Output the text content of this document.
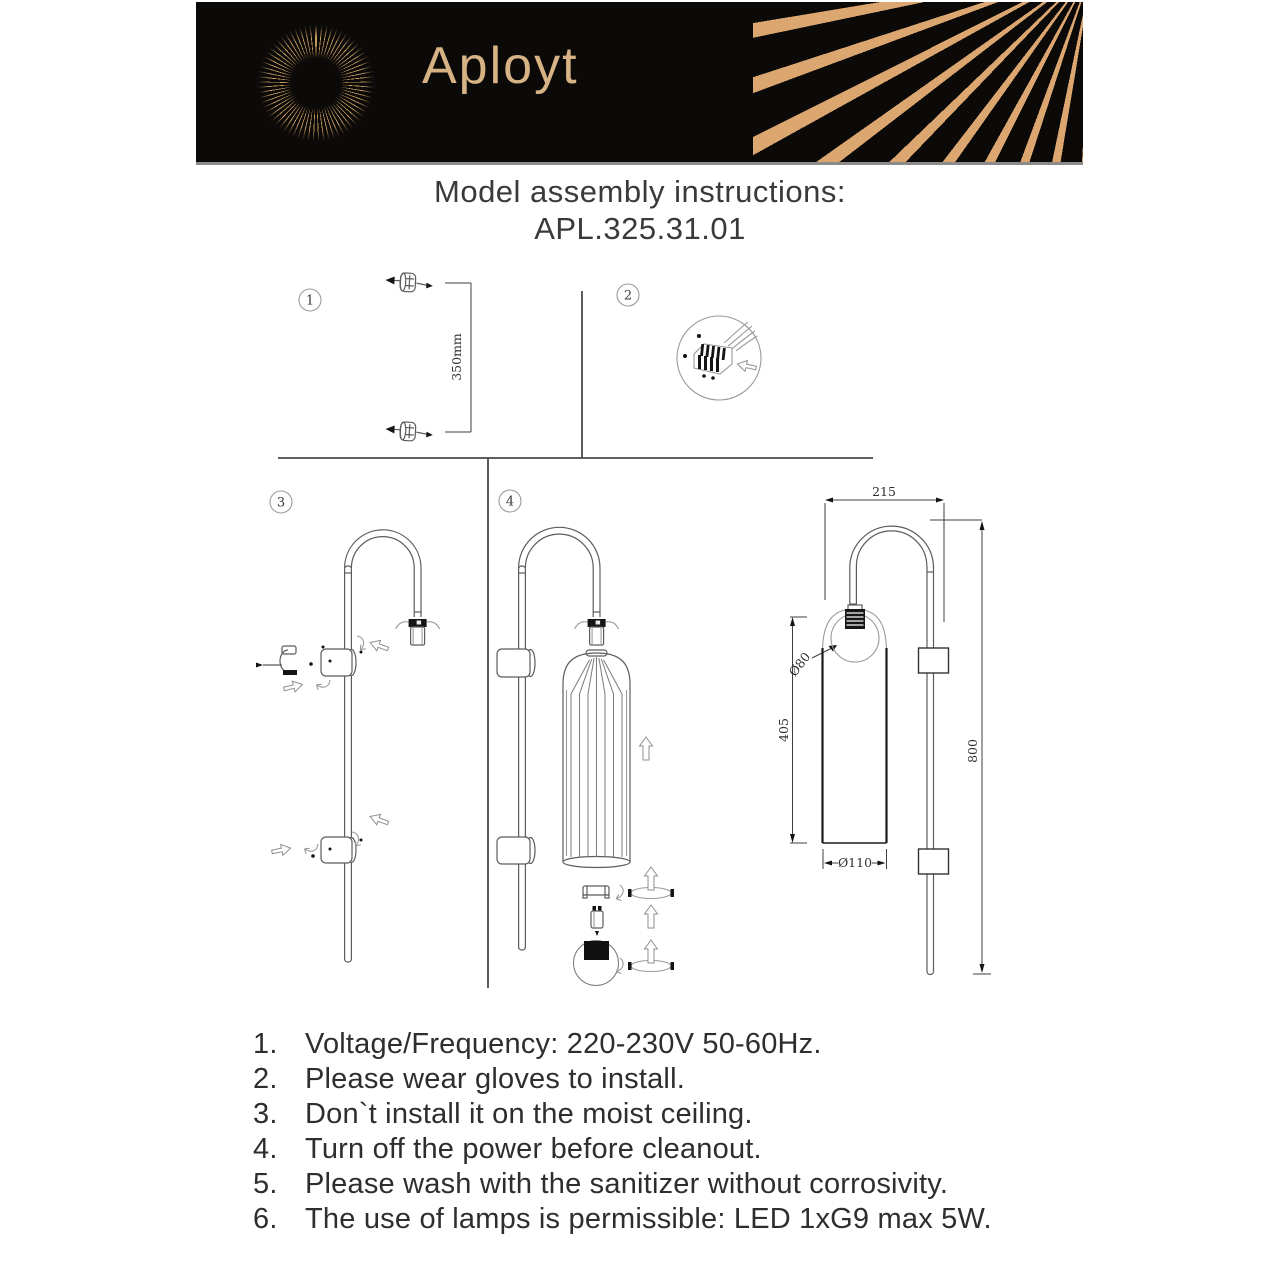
Aployt
Model assembly instructions:
APL.325.31.01
1	2
3	4
350mm
215
800
405
Ø80
Ø110
1. Voltage/Frequency: 220-230V 50-60Hz.
2. Please wear gloves to install.
3. Don`t install it on the moist ceiling.
4. Turn off the power before cleanout.
5. Please wash with the sanitizer without corrosivity.
6. The use of lamps is permissible: LED 1xG9 max 5W.
